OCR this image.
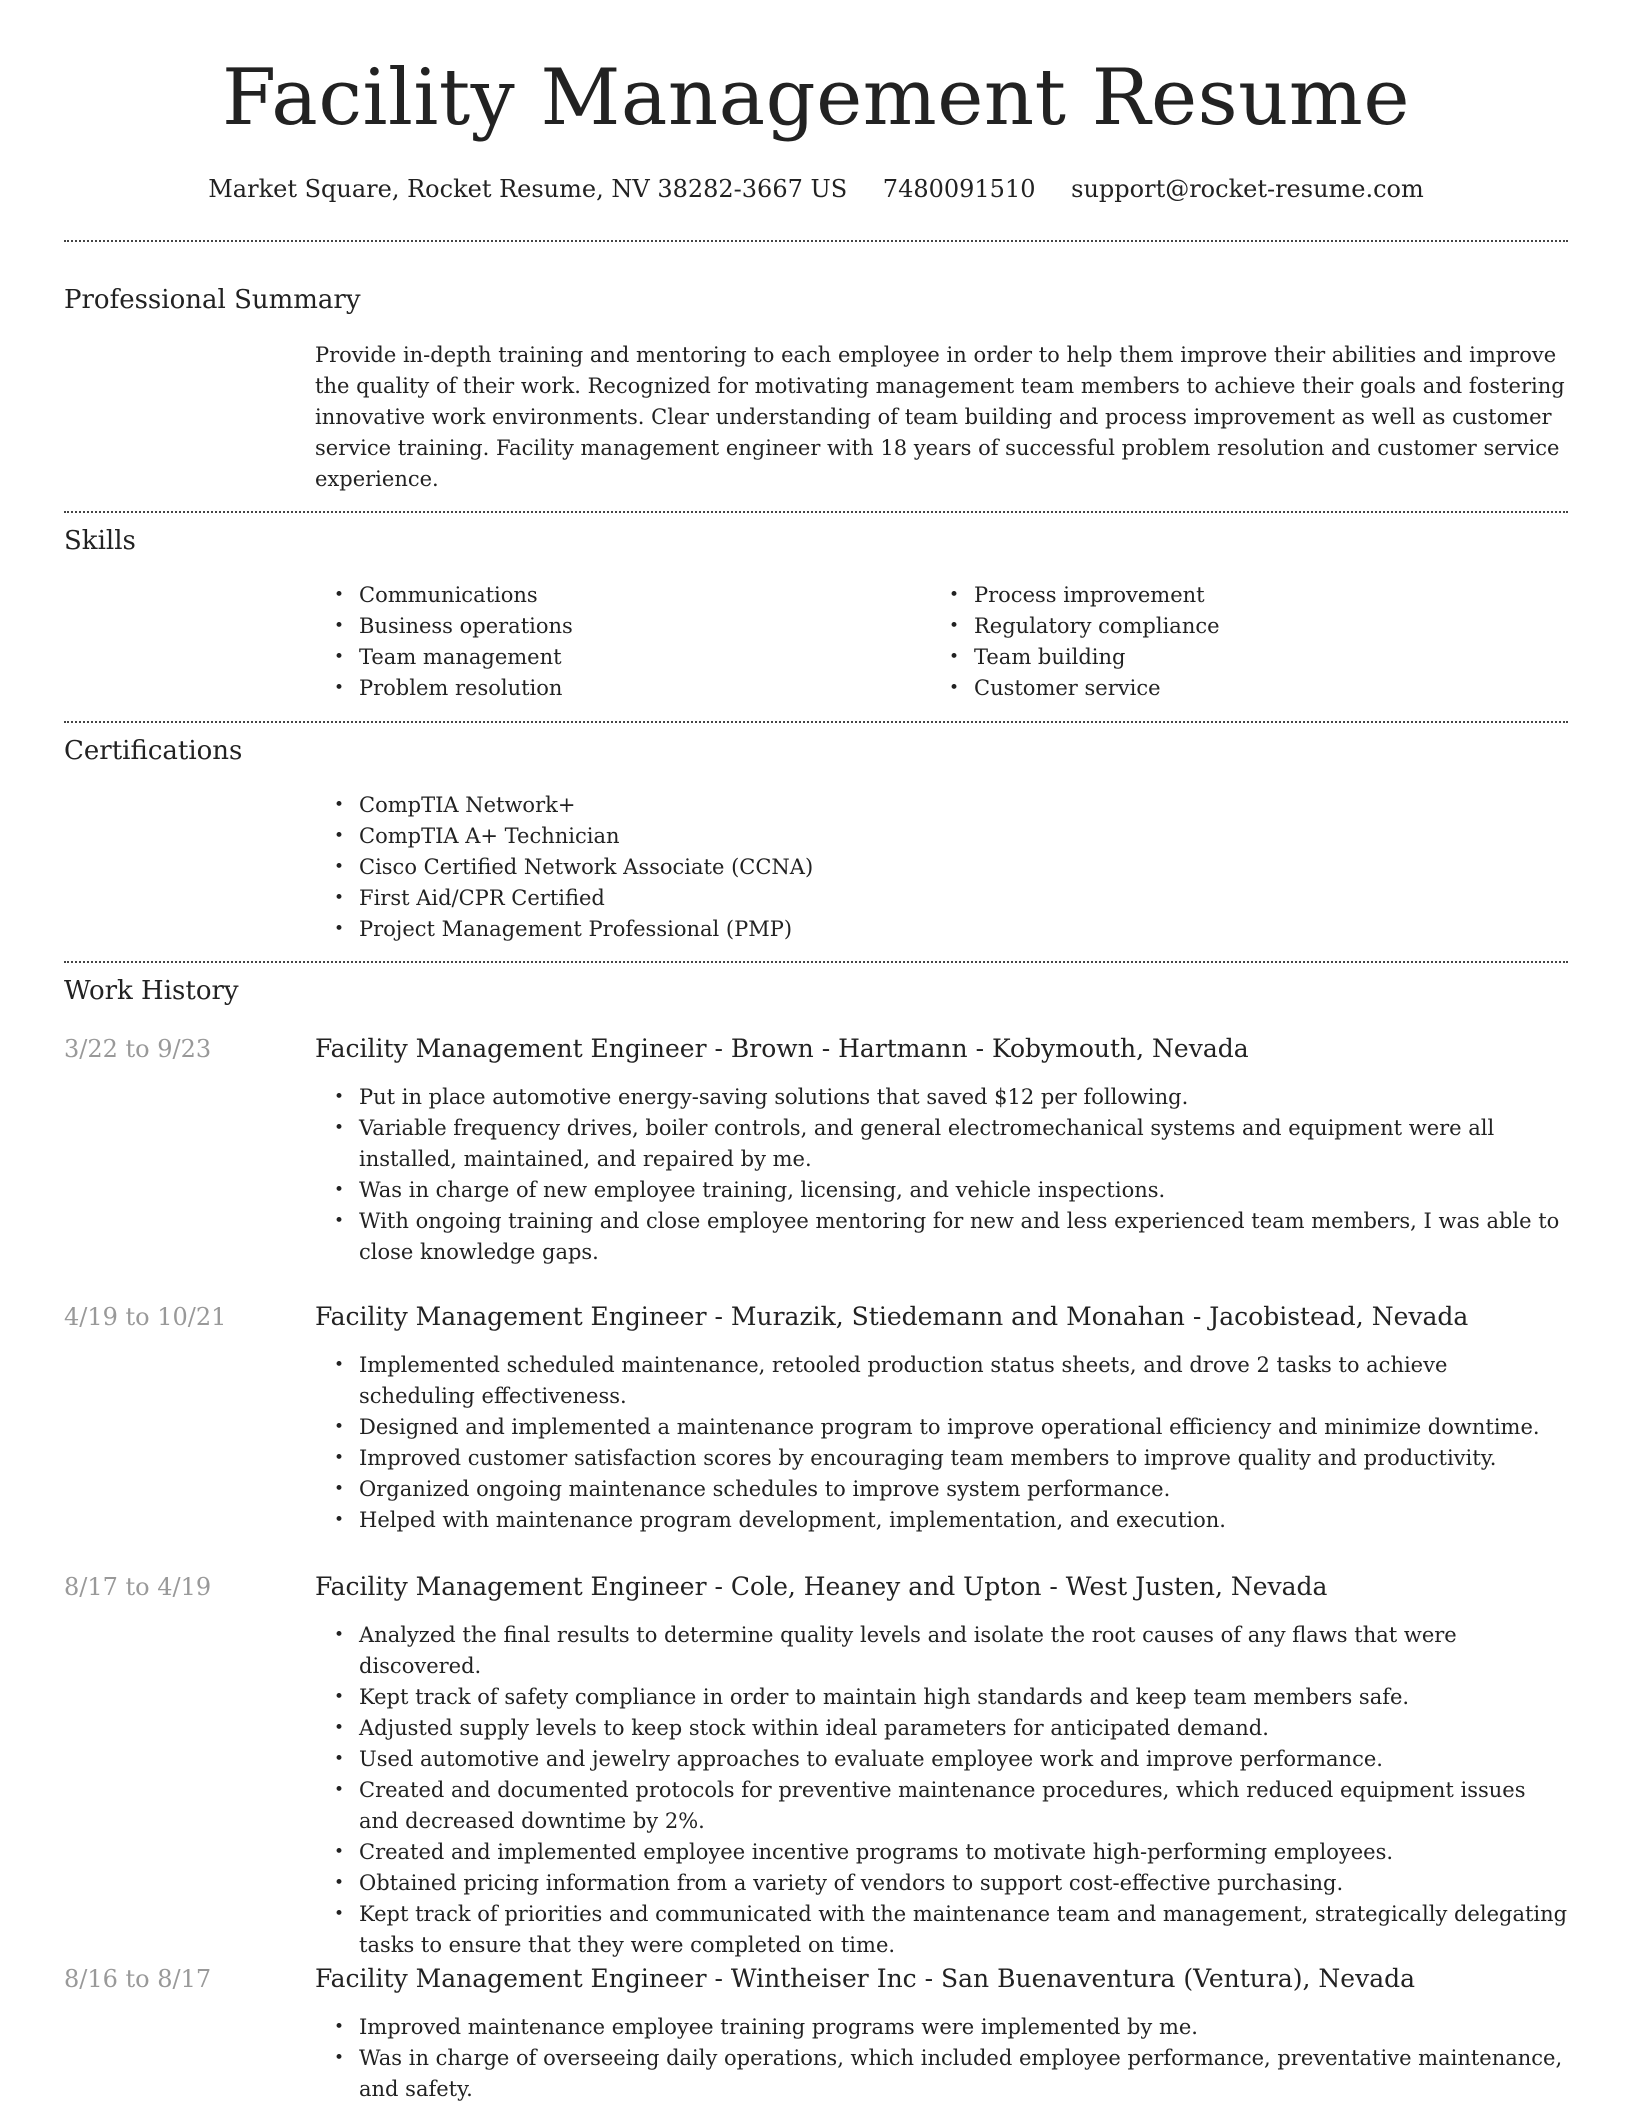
Facility Management Resume
Market Square, Rocket Resume, NV 38282-3667 US 7480091510 support@rocket-resume.com
Professional Summary
Provide in-depth training and mentoring to each employee in order to help them improve their abilities and improve the quality of their work. Recognized for motivating management team members to achieve their goals and fostering innovative work environments. Clear understanding of team building and process improvement as well as customer service training. Facility management engineer with 18 years of successful problem resolution and customer service experience.
Skills
• Communications
• Business operations
• Team management
• Problem resolution
• Process improvement
• Regulatory compliance
• Team building
• Customer service
Certifications
• CompTIA Network+
• CompTIA A+ Technician
• Cisco Certified Network Associate (CCNA)
• First Aid/CPR Certified
• Project Management Professional (PMP)
Work History
3/22 to 9/23	Facility Management Engineer - Brown - Hartmann - Kobymouth, Nevada
• Put in place automotive energy-saving solutions that saved $12 per following.
• Variable frequency drives, boiler controls, and general electromechanical systems and equipment were all installed, maintained, and repaired by me.
• Was in charge of new employee training, licensing, and vehicle inspections.
• With ongoing training and close employee mentoring for new and less experienced team members, I was able to close knowledge gaps.
4/19 to 10/21	Facility Management Engineer - Murazik, Stiedemann and Monahan - Jacobistead, Nevada
• Implemented scheduled maintenance, retooled production status sheets, and drove 2 tasks to achieve scheduling effectiveness.
• Designed and implemented a maintenance program to improve operational efficiency and minimize downtime.
• Improved customer satisfaction scores by encouraging team members to improve quality and productivity.
• Organized ongoing maintenance schedules to improve system performance.
• Helped with maintenance program development, implementation, and execution.
8/17 to 4/19	Facility Management Engineer - Cole, Heaney and Upton - West Justen, Nevada
• Analyzed the final results to determine quality levels and isolate the root causes of any flaws that were discovered.
• Kept track of safety compliance in order to maintain high standards and keep team members safe.
• Adjusted supply levels to keep stock within ideal parameters for anticipated demand.
• Used automotive and jewelry approaches to evaluate employee work and improve performance.
• Created and documented protocols for preventive maintenance procedures, which reduced equipment issues and decreased downtime by 2%.
• Created and implemented employee incentive programs to motivate high-performing employees.
• Obtained pricing information from a variety of vendors to support cost-effective purchasing.
• Kept track of priorities and communicated with the maintenance team and management, strategically delegating tasks to ensure that they were completed on time.
8/16 to 8/17	Facility Management Engineer - Wintheiser Inc - San Buenaventura (Ventura), Nevada
• Improved maintenance employee training programs were implemented by me.
• Was in charge of overseeing daily operations, which included employee performance, preventative maintenance, and safety.
